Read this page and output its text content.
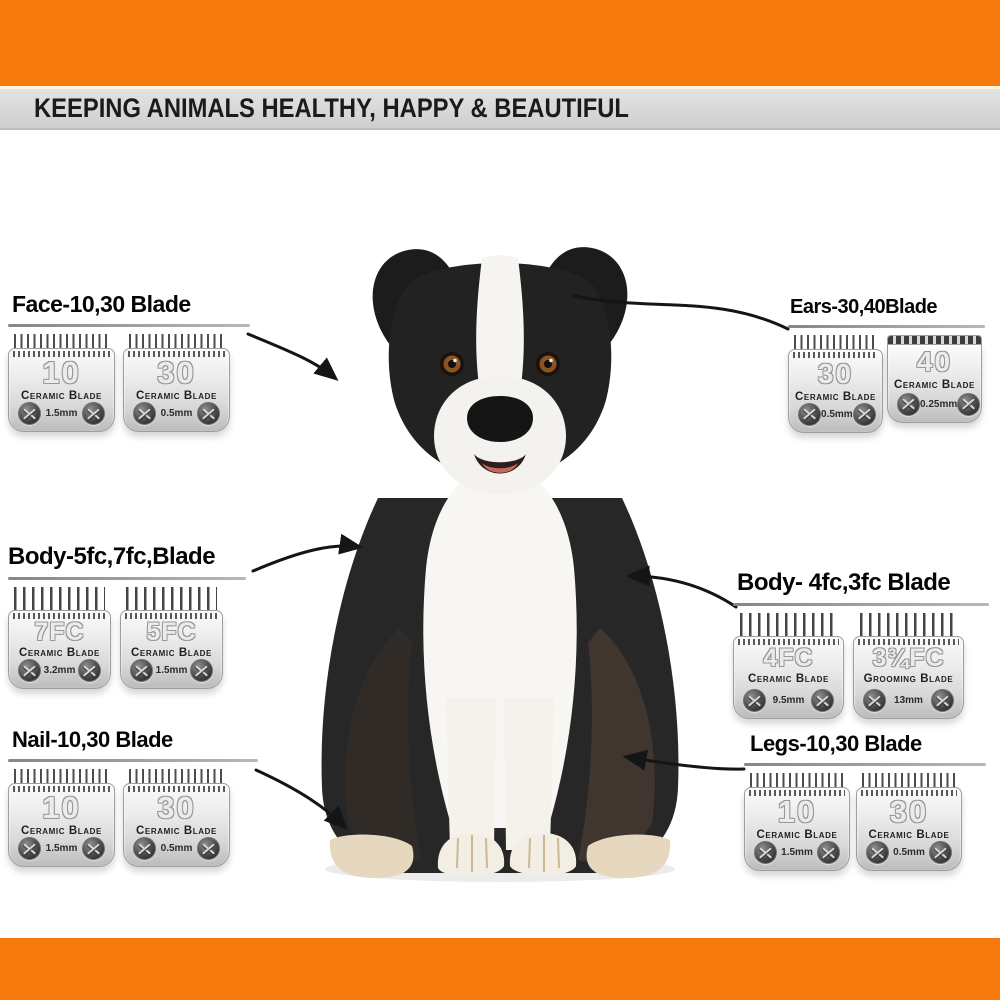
KEEPING ANIMALS HEALTHY, HAPPY & BEAUTIFUL
Face-10,30 Blade
10
Ceramic Blade
1.5mm
30
Ceramic Blade
0.5mm
Ears-30,40Blade
30
Ceramic Blade
0.5mm
40
Ceramic Blade
0.25mm
Body-5fc,7fc,Blade
7FC
Ceramic Blade
3.2mm
5FC
Ceramic Blade
1.5mm
Body- 4fc,3fc Blade
4FC
Ceramic Blade
9.5mm
3¾FC
Grooming Blade
13mm
Nail-10,30 Blade
10
Ceramic Blade
1.5mm
30
Ceramic Blade
0.5mm
Legs-10,30 Blade
10
Ceramic Blade
1.5mm
30
Ceramic Blade
0.5mm
